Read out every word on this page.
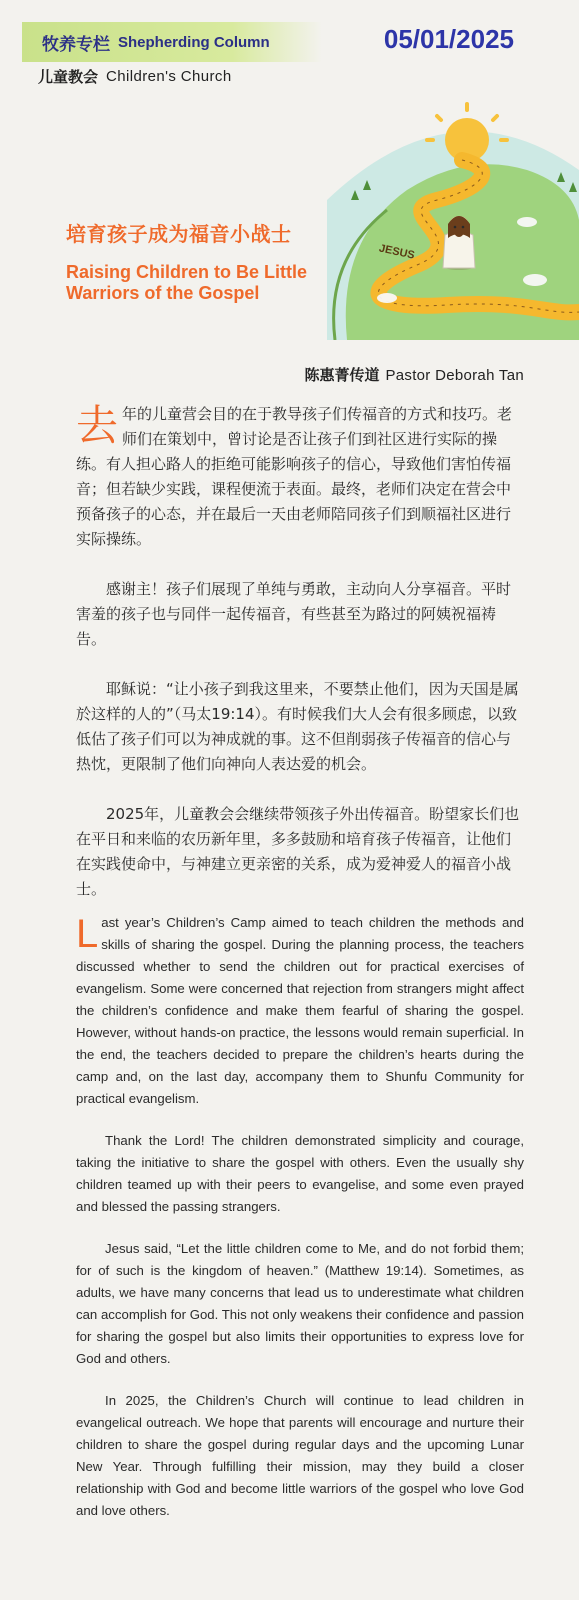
牧养专栏 Shepherding Column	05/01/2025
儿童教会 Children's Church
JESUS
培育孩子成为福音小战士
Raising Children to Be Little Warriors of the Gospel
陈惠菁传道 Pastor Deborah Tan

去年的儿童营会目的在于教导孩子们传福音的方式和技巧。老师们在策划中，曾讨论是否让孩子们到社区进行实际的操练。有人担心路人的拒绝可能影响孩子的信心，导致他们害怕传福音；但若缺少实践，课程便流于表面。最终，老师们决定在营会中预备孩子的心态，并在最后一天由老师陪同孩子们到顺福社区进行实际操练。

感谢主！孩子们展现了单纯与勇敢，主动向人分享福音。平时害羞的孩子也与同伴一起传福音，有些甚至为路过的阿姨祝福祷告。

耶稣说：“让小孩子到我这里来，不要禁止他们，因为天国是属於这样的人的”（马太19:14）。有时候我们大人会有很多顾虑，以致低估了孩子们可以为神成就的事。这不但削弱孩子传福音的信心与热忱，更限制了他们向神向人表达爱的机会。

2025年，儿童教会会继续带领孩子外出传福音。盼望家长们也在平日和来临的农历新年里，多多鼓励和培育孩子传福音，让他们在实践使命中，与神建立更亲密的关系，成为爱神爱人的福音小战士。

Last year’s Children’s Camp aimed to teach children the methods and skills of sharing the gospel. During the planning process, the teachers discussed whether to send the children out for practical exercises of evangelism. Some were concerned that rejection from strangers might affect the children’s confidence and make them fearful of sharing the gospel. However, without hands-on practice, the lessons would remain superficial. In the end, the teachers decided to prepare the children’s hearts during the camp and, on the last day, accompany them to Shunfu Community for practical evangelism.

Thank the Lord! The children demonstrated simplicity and courage, taking the initiative to share the gospel with others. Even the usually shy children teamed up with their peers to evangelise, and some even prayed and blessed the passing strangers.

Jesus said, “Let the little children come to Me, and do not forbid them; for of such is the kingdom of heaven.” (Matthew 19:14). Sometimes, as adults, we have many concerns that lead us to underestimate what children can accomplish for God. This not only weakens their confidence and passion for sharing the gospel but also limits their opportunities to express love for God and others.

In 2025, the Children’s Church will continue to lead children in evangelical outreach. We hope that parents will encourage and nurture their children to share the gospel during regular days and the upcoming Lunar New Year. Through fulfilling their mission, may they build a closer relationship with God and become little warriors of the gospel who love God and love others.
